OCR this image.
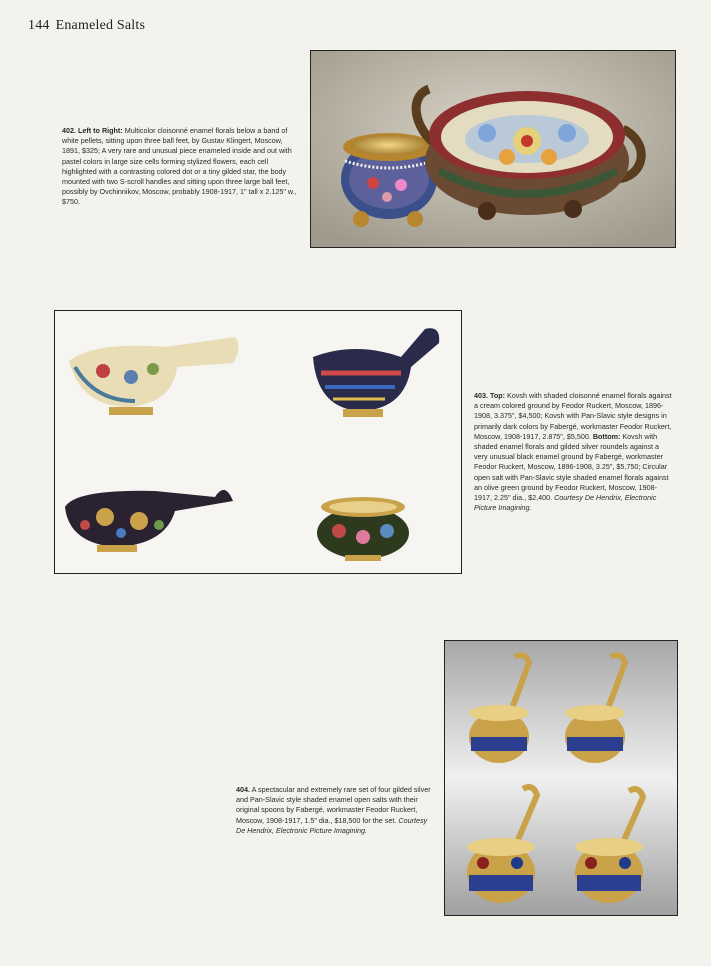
144 Enameled Salts
402. Left to Right: Multicolor cloisonné enamel florals below a band of white pellets, sitting upon three ball feet, by Gustav Klingert, Moscow, 1891, $325; A very rare and unusual piece enameled inside and out with pastel colors in large size cells forming stylized flowers, each cell highlighted with a contrasting colored dot or a tiny gilded star, the body mounted with two S-scroll handles and sitting upon three large ball feet, possibly by Ovchinnikov, Moscow, probably 1908-1917, 1" tall x 2.125" w., $750.
403. Top: Kovsh with shaded cloisonné enamel florals against a cream colored ground by Feodor Ruckert, Moscow, 1896-1908, 3.375", $4,500; Kovsh with Pan-Slavic style designs in primarily dark colors by Fabergé, workmaster Feodor Ruckert, Moscow, 1908-1917, 2.875", $5,500. Bottom: Kovsh with shaded enamel florals and gilded silver roundels against a very unusual black enamel ground by Fabergé, workmaster Feodor Ruckert, Moscow, 1896-1908, 3.25", $5,750; Circular open salt with Pan-Slavic style shaded enamel florals against an olive green ground by Feodor Ruckert, Moscow, 1908-1917, 2.25" dia., $2,400. Courtesy De Hendrix, Electronic Picture Imagining.
404. A spectacular and extremely rare set of four gilded silver and Pan-Slavic style shaded enamel open salts with their original spoons by Fabergé, workmaster Feodor Ruckert, Moscow, 1908-1917, 1.5" dia., $18,500 for the set. Courtesy De Hendrix, Electronic Picture Imagining.
